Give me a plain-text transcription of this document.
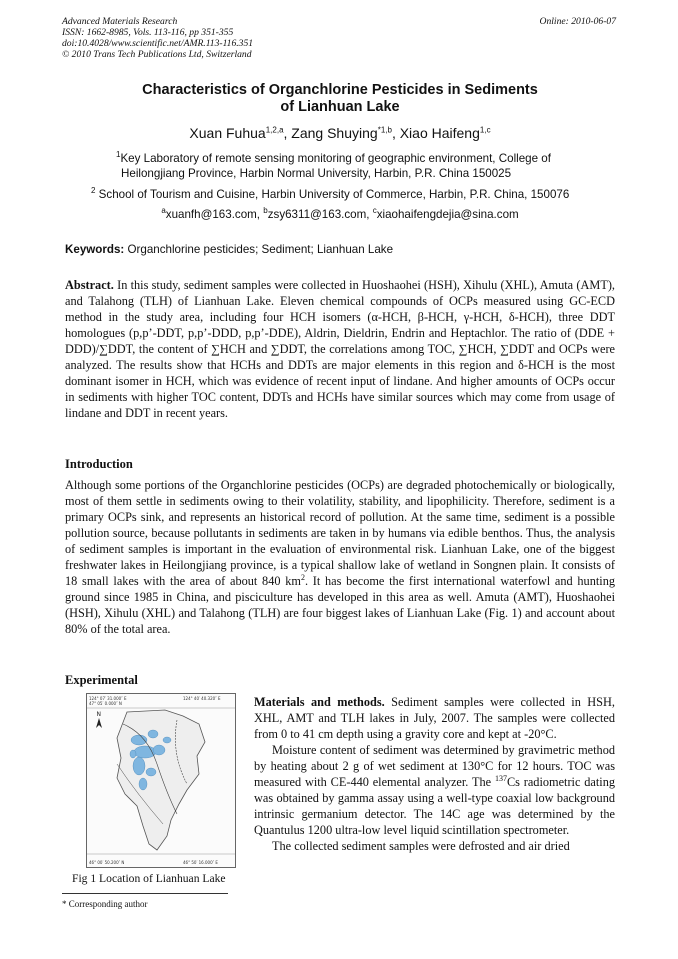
Advanced Materials Research
ISSN: 1662-8985, Vols. 113-116, pp 351-355
doi:10.4028/www.scientific.net/AMR.113-116.351
© 2010 Trans Tech Publications Ltd, Switzerland
Online: 2010-06-07
Characteristics of Organchlorine Pesticides in Sediments
of Lianhuan Lake
Xuan Fuhua$^{1,2,a}$, Zang Shuying$^{*1,b}$, Xiao Haifeng$^{1,c}$
$^1$Key Laboratory of remote sensing monitoring of geographic environment, College of
Heilongjiang Province, Harbin Normal University, Harbin, P.R. China 150025
$^2$ School of Tourism and Cuisine, Harbin University of Commerce, Harbin, P.R. China, 150076
$^a$xuanfh@163.com, $^b$zsy6311@163.com, $^c$xiaohaifengdejia@sina.com
Keywords: Organchlorine pesticides; Sediment; Lianhuan Lake
Abstract. In this study, sediment samples were collected in Huoshaohei (HSH), Xihulu (XHL), Amuta (AMT), and Talahong (TLH) of Lianhuan Lake. Eleven chemical compounds of OCPs measured using GC-ECD method in the study area, including four HCH isomers (α-HCH, β-HCH, γ-HCH, δ-HCH), three DDT homologues (p,p’-DDT, p,p’-DDD, p,p’-DDE), Aldrin, Dieldrin, Endrin and Heptachlor. The ratio of (DDE + DDD)/∑DDT, the content of ∑HCH and ∑DDT, the correlations among TOC, ∑HCH, ∑DDT and OCPs were analyzed. The results show that HCHs and DDTs are major elements in this region and δ-HCH is the most dominant isomer in HCH, which was evidence of recent input of lindane. And higher amounts of OCPs occur in sediments with higher TOC content, DDTs and HCHs have similar sources which may come from usage of lindane and DDT in recent years.
Introduction
Although some portions of the Organchlorine pesticides (OCPs) are degraded photochemically or biologically, most of them settle in sediments owing to their volatility, stability, and lipophilicity. Therefore, sediment is a primary OCPs sink, and represents an historical record of pollution. At the same time, sediment is a possible pollution source, because pollutants in sediments are taken in by humans via edible benthos. Thus, the analysis of sediment samples is important in the evaluation of environmental risk. Lianhuan Lake, one of the biggest freshwater lakes in Heilongjiang province, is a typical shallow lake of wetland in Songnen plain. It consists of 18 small lakes with the area of about 840 $km^2$. It has become the first international waterfowl and hunting ground since 1985 in China, and pisciculture has developed in this area as well. Amuta (AMT), Huoshaohei (HSH), Xihulu (XHL) and Talahong (TLH) are four biggest lakes of Lianhuan Lake (Fig. 1) and account about 80% of the total area.
Experimental
124° 07′ 31.000″ E
47° 05′ 0.000″ N
124° 40′ 40.320″ E
46° 00′ 50.200″ N	46° 50′ 16.000″ E
N
Fig 1 Location of Lianhuan Lake
Materials and methods. Sediment samples were collected in HSH, XHL, AMT and TLH lakes in July, 2007. The samples were collected from 0 to 41 cm depth using a gravity core and kept at -20°C.
Moisture content of sediment was determined by gravimetric method by heating about 2 g of wet sediment at 130°C for 12 hours. TOC was measured with CE-440 elemental analyzer. The $^{137}$Cs radiometric dating was obtained by gamma assay using a well-type coaxial low background intrinsic germanium detector. The 14C age was determined by the Quantulus 1200 ultra-low level liquid scintillation spectrometer.
The collected sediment samples were defrosted and air dried
* Corresponding author
